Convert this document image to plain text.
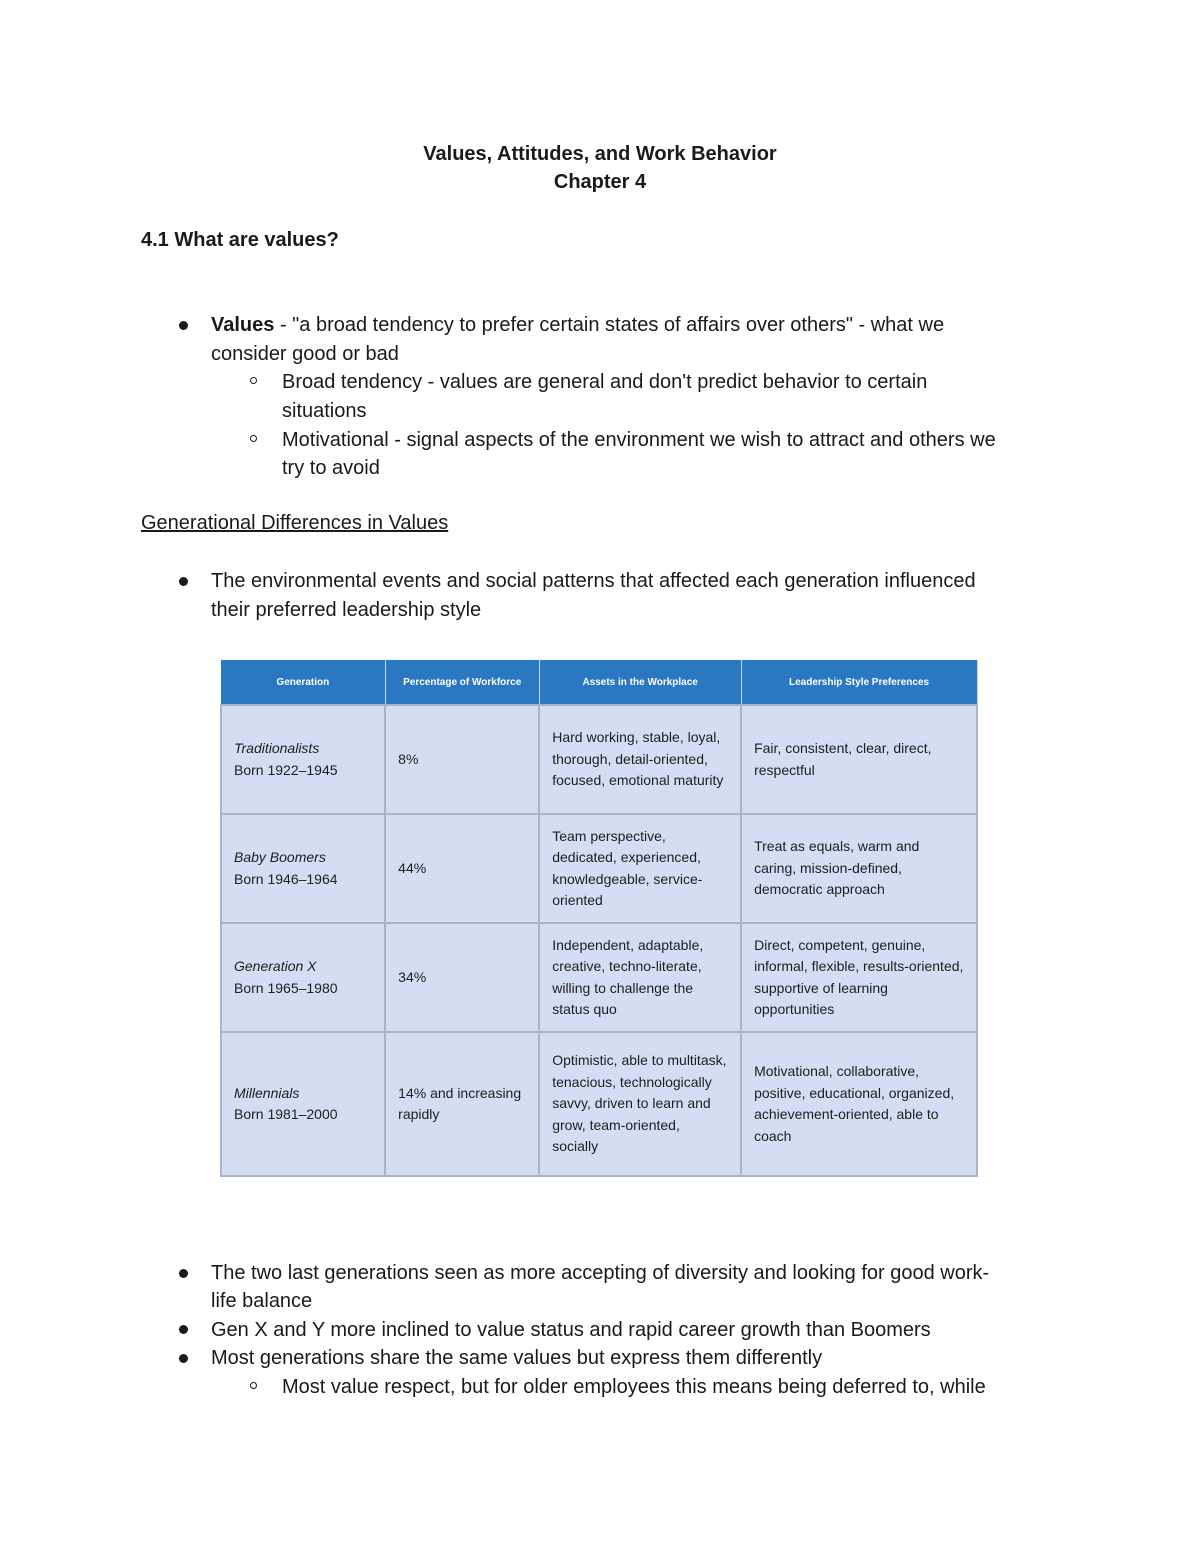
Values, Attitudes, and Work Behavior
Chapter 4
4.1 What are values?
Values - "a broad tendency to prefer certain states of affairs over others" - what we
consider good or bad
Broad tendency - values are general and don't predict behavior to certain
situations
Motivational - signal aspects of the environment we wish to attract and others we
try to avoid
Generational Differences in Values
The environmental events and social patterns that affected each generation influenced
their preferred leadership style
Generation	Percentage of Workforce	Assets in the Workplace	Leadership Style Preferences

Traditionalists
Born 1922–1945	8%	Hard working, stable, loyal, thorough, detail-oriented, focused, emotional maturity	Fair, consistent, clear, direct, respectful

Baby Boomers
Born 1946–1964	44%	Team perspective, dedicated, experienced, knowledgeable, service-oriented	Treat as equals, warm and caring, mission-defined, democratic approach

Generation X
Born 1965–1980	34%	Independent, adaptable, creative, techno-literate, willing to challenge the status quo	Direct, competent, genuine, informal, flexible, results-oriented, supportive of learning opportunities

Millennials
Born 1981–2000	14% and increasing rapidly	Optimistic, able to multitask, tenacious, technologically savvy, driven to learn and grow, team-oriented, socially	Motivational, collaborative, positive, educational, organized, achievement-oriented, able to coach
The two last generations seen as more accepting of diversity and looking for good work-
life balance
Gen X and Y more inclined to value status and rapid career growth than Boomers
Most generations share the same values but express them differently
Most value respect, but for older employees this means being deferred to, while
